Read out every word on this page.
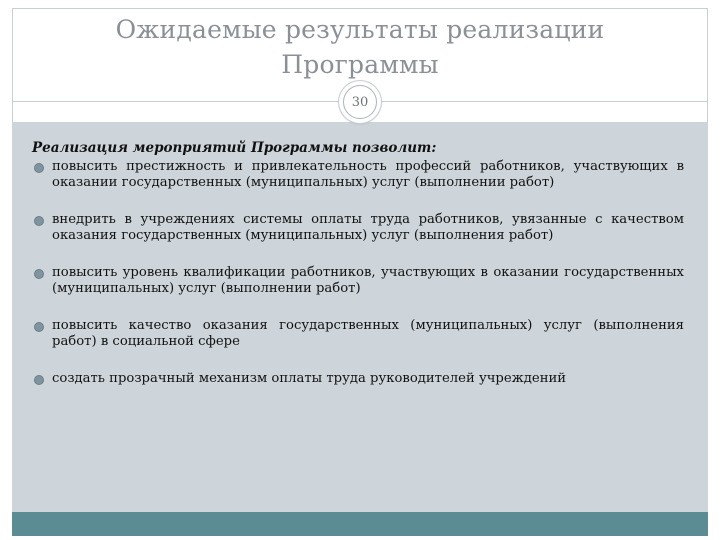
Ожидаемые результаты реализации
Программы
30

Реализация мероприятий Программы позволит:

повысить престижность и привлекательность профессий работников, участвующих в оказании государственных (муниципальных) услуг (выполнении работ)
внедрить в учреждениях системы оплаты труда работников, увязанные с качеством оказания государственных (муниципальных) услуг (выполнения работ)
повысить уровень квалификации работников, участвующих в оказании государственных (муниципальных) услуг (выполнении работ)
повысить качество оказания государственных (муниципальных) услуг (выполнения работ) в социальной сфере
создать прозрачный механизм оплаты труда руководителей учреждений
